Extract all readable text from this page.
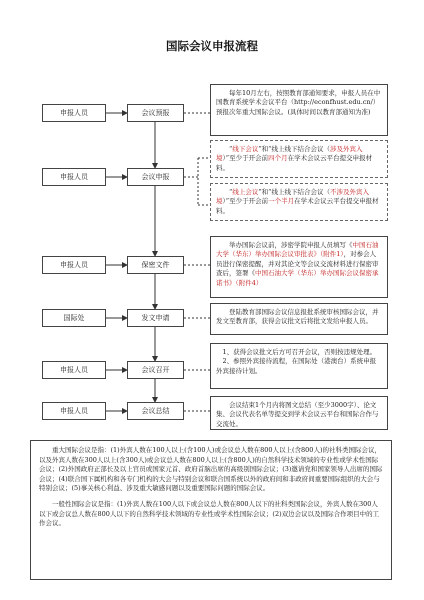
国际会议申报流程
申报人员
申报人员
申报人员
国际处
申报人员
申报人员
会议预报
会议申报
保密文件
发文申请
会议召开
会议总结

每年10月左右，按照教育部通知要求，申报人员在中国教育系统学术会议平台（http://econfhust.edu.cn/）预报次年重大国际会议。(具体时间以教育部通知为准)

“线下会议”和“线上线下结合会议（涉及外宾入境）”至少于开会前四个月在学术会议云平台提交申报材料。

“线上会议”和“线上线下结合会议（不涉及外宾入境）”至少于开会前一个半月在学术会议云平台提交申报材料。

举办国际会议前，涉密学院申报人员填写《中国石油大学（华东）举办国际会议审批表》（附件1），对参会人员进行保密提醒，并对其论文等会议交流材料进行保密审查后，签署《中国石油大学（华东）举办国际会议保密承诺书》（附件4）

登陆教育部国际会议信息报批系统审核国际会议，并发文至教育部，获得会议批文后将批文发给申报人员。

1、获得会议批文后方可召开会议，否则按违规处理。

2、参照外宾接待流程，在国际处（港澳台）系统申报外宾接待计划。

会议结束1个月内将图文总结（至少3000字）、论文集、会议代表名单等提交到学术会议云平台和国际合作与交流处。

重大国际会议是指：(1)外宾人数在100人以上(含100人)或会议总人数在800人以上(含800人)的社科类国际会议，以及外宾人数在300人以上(含300人)或会议总人数在800人以上(含800人)的自然科学技术领域的专业性或学术性国际会议；(2)外国政府正部长及以上官员或国家元首、政府首脑出席的高级别国际会议；(3)邀请党和国家领导人出席的国际会议；(4)联合国下属机构和各专门机构的大会与特别会议和联合国系统以外的政府间和非政府间重要国际组织的大会与特别会议；(5)事关核心利益、涉及重大敏感问题以及重要国际问题的国际会议。

一般性国际会议是指：(1)外宾人数在100人以下或会议总人数在800人以下的社科类国际会议，外宾人数在300人以下或会议总人数在800人以下的自然科学技术领域的专业性或学术性国际会议；(2)双边会议以及国际合作项目中的工作会议。
